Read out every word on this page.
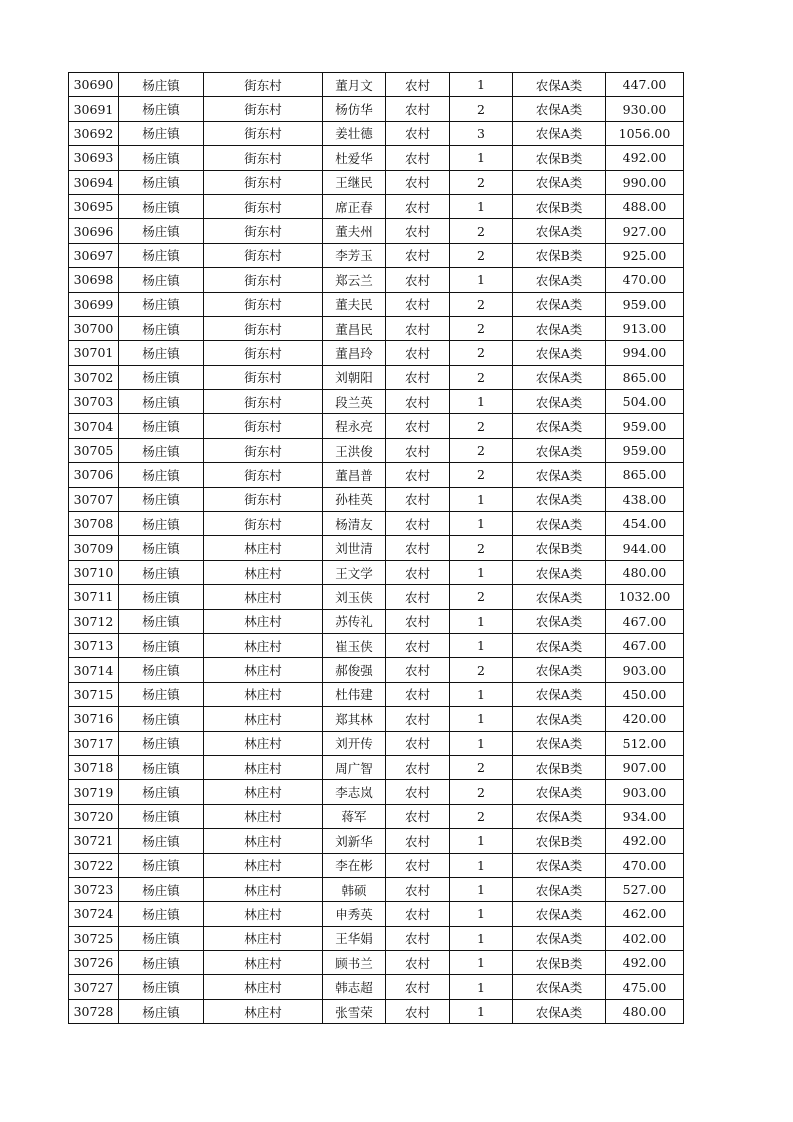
30690	杨庄镇	街东村	董月文	农村	1	农保A类	447.00
30691	杨庄镇	街东村	杨仿华	农村	2	农保A类	930.00
30692	杨庄镇	街东村	姜壮德	农村	3	农保A类	1056.00
30693	杨庄镇	街东村	杜爱华	农村	1	农保B类	492.00
30694	杨庄镇	街东村	王继民	农村	2	农保A类	990.00
30695	杨庄镇	街东村	席正春	农村	1	农保B类	488.00
30696	杨庄镇	街东村	董夫州	农村	2	农保A类	927.00
30697	杨庄镇	街东村	李芳玉	农村	2	农保B类	925.00
30698	杨庄镇	街东村	郑云兰	农村	1	农保A类	470.00
30699	杨庄镇	街东村	董夫民	农村	2	农保A类	959.00
30700	杨庄镇	街东村	董昌民	农村	2	农保A类	913.00
30701	杨庄镇	街东村	董昌玲	农村	2	农保A类	994.00
30702	杨庄镇	街东村	刘朝阳	农村	2	农保A类	865.00
30703	杨庄镇	街东村	段兰英	农村	1	农保A类	504.00
30704	杨庄镇	街东村	程永亮	农村	2	农保A类	959.00
30705	杨庄镇	街东村	王洪俊	农村	2	农保A类	959.00
30706	杨庄镇	街东村	董昌普	农村	2	农保A类	865.00
30707	杨庄镇	街东村	孙桂英	农村	1	农保A类	438.00
30708	杨庄镇	街东村	杨清友	农村	1	农保A类	454.00
30709	杨庄镇	林庄村	刘世清	农村	2	农保B类	944.00
30710	杨庄镇	林庄村	王文学	农村	1	农保A类	480.00
30711	杨庄镇	林庄村	刘玉侠	农村	2	农保A类	1032.00
30712	杨庄镇	林庄村	苏传礼	农村	1	农保A类	467.00
30713	杨庄镇	林庄村	崔玉侠	农村	1	农保A类	467.00
30714	杨庄镇	林庄村	郝俊强	农村	2	农保A类	903.00
30715	杨庄镇	林庄村	杜伟建	农村	1	农保A类	450.00
30716	杨庄镇	林庄村	郑其林	农村	1	农保A类	420.00
30717	杨庄镇	林庄村	刘开传	农村	1	农保A类	512.00
30718	杨庄镇	林庄村	周广智	农村	2	农保B类	907.00
30719	杨庄镇	林庄村	李志岚	农村	2	农保A类	903.00
30720	杨庄镇	林庄村	蒋军	农村	2	农保A类	934.00
30721	杨庄镇	林庄村	刘新华	农村	1	农保B类	492.00
30722	杨庄镇	林庄村	李在彬	农村	1	农保A类	470.00
30723	杨庄镇	林庄村	韩硕	农村	1	农保A类	527.00
30724	杨庄镇	林庄村	申秀英	农村	1	农保A类	462.00
30725	杨庄镇	林庄村	王华娟	农村	1	农保A类	402.00
30726	杨庄镇	林庄村	顾书兰	农村	1	农保B类	492.00
30727	杨庄镇	林庄村	韩志超	农村	1	农保A类	475.00
30728	杨庄镇	林庄村	张雪荣	农村	1	农保A类	480.00
